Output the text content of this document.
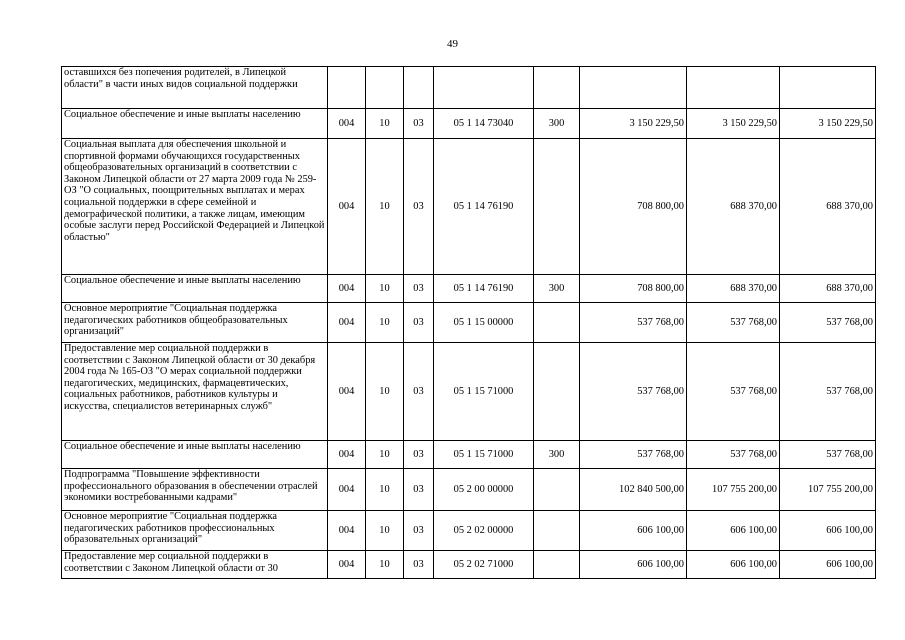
49
оставшихся без попечения родителей, в Липецкой области" в части иных видов социальной поддержки								
Социальное обеспечение и иные выплаты населению	004	10	03	05 1 14 73040	300	3 150 229,50	3 150 229,50	3 150 229,50
Социальная выплата для обеспечения школьной и спортивной формами обучающихся государственных общеобразовательных организаций в соответствии с Законом Липецкой области от 27 марта 2009 года № 259-ОЗ "О социальных, поощрительных выплатах и мерах социальной поддержки в сфере семейной и демографической политики, а также лицам, имеющим особые заслуги перед Российской Федерацией и Липецкой областью"	004	10	03	05 1 14 76190		708 800,00	688 370,00	688 370,00
Социальное обеспечение и иные выплаты населению	004	10	03	05 1 14 76190	300	708 800,00	688 370,00	688 370,00
Основное мероприятие "Социальная поддержка педагогических работников общеобразовательных организаций"	004	10	03	05 1 15 00000		537 768,00	537 768,00	537 768,00
Предоставление мер социальной поддержки в соответствии с Законом Липецкой области от 30 декабря 2004 года № 165-ОЗ "О мерах социальной поддержки педагогических, медицинских, фармацевтических, социальных работников, работников культуры и искусства, специалистов ветеринарных служб"	004	10	03	05 1 15 71000		537 768,00	537 768,00	537 768,00
Социальное обеспечение и иные выплаты населению	004	10	03	05 1 15 71000	300	537 768,00	537 768,00	537 768,00
Подпрограмма "Повышение эффективности профессионального образования в обеспечении отраслей экономики востребованными кадрами"	004	10	03	05 2 00 00000		102 840 500,00	107 755 200,00	107 755 200,00
Основное мероприятие "Социальная поддержка педагогических работников профессиональных образовательных организаций"	004	10	03	05 2 02 00000		606 100,00	606 100,00	606 100,00
Предоставление мер социальной поддержки в соответствии с Законом Липецкой области от 30	004	10	03	05 2 02 71000		606 100,00	606 100,00	606 100,00
